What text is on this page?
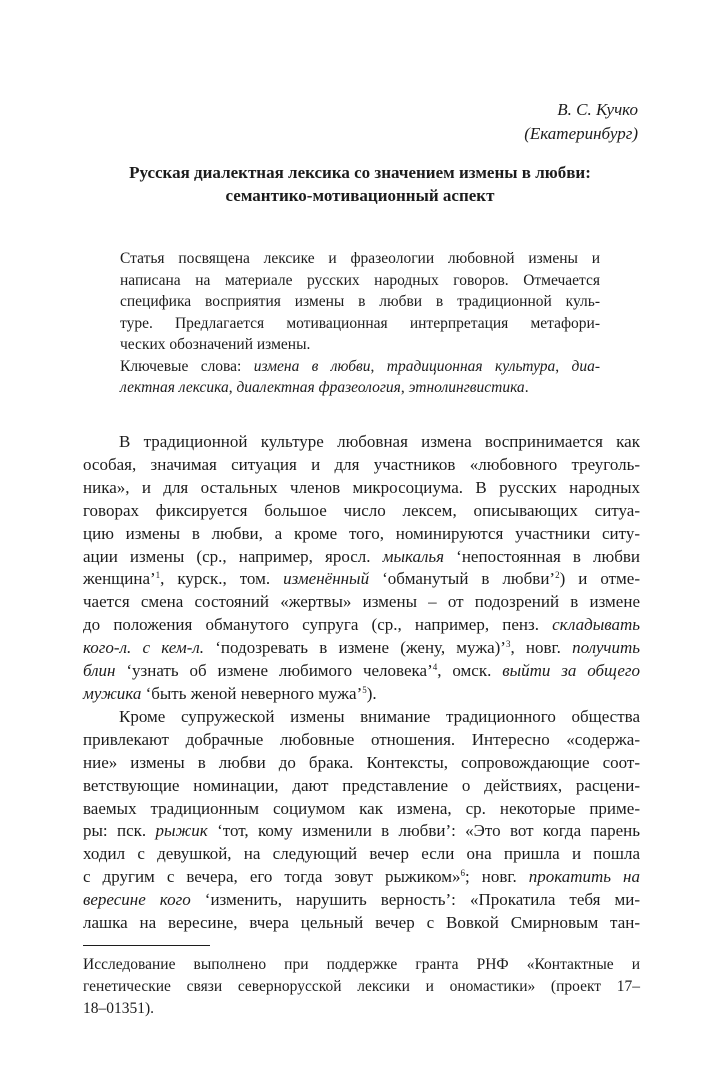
В. С. Кучко
(Екатеринбург)
Русская диалектная лексика со значением измены в любви:
семантико-мотивационный аспект
Статья посвящена лексике и фразеологии любовной измены и
написана на материале русских народных говоров. Отмечается
специфика восприятия измены в любви в традиционной куль-
туре. Предлагается мотивационная интерпретация метафори-
ческих обозначений измены.
Ключевые слова: измена в любви, традиционная культура, диа-
лектная лексика, диалектная фразеология, этнолингвистика.
В традиционной культуре любовная измена воспринимается как
особая, значимая ситуация и для участников «любовного треуголь-
ника», и для остальных членов микросоциума. В русских народных
говорах фиксируется большое число лексем, описывающих ситуа-
цию измены в любви, а кроме того, номинируются участники ситу-
ации измены (ср., например, яросл. мыкалья ‘непостоянная в любви
женщина’$^1$, курск., том. изменённый ‘обманутый в любви’$^2$) и отме-
чается смена состояний «жертвы» измены – от подозрений в измене
до положения обманутого супруга (ср., например, пенз. складывать
кого-л. с кем-л. ‘подозревать в измене (жену, мужа)’$^3$, новг. получить
блин ‘узнать об измене любимого человека’$^4$, омск. выйти за общего
мужика ‘быть женой неверного мужа’$^5$).
Кроме супружеской измены внимание традиционного общества
привлекают добрачные любовные отношения. Интересно «содержа-
ние» измены в любви до брака. Контексты, сопровождающие соот-
ветствующие номинации, дают представление о действиях, расцени-
ваемых традиционным социумом как измена, ср. некоторые приме-
ры: пск. рыжик ‘тот, кому изменили в любви’: «Это вот когда парень
ходил с девушкой, на следующий вечер если она пришла и пошла
с другим с вечера, его тогда зовут рыжиком»$^6$; новг. прокатить на
вересине кого ‘изменить, нарушить верность’: «Прокатила тебя ми-
лашка на вересине, вчера цельный вечер с Вовкой Смирновым тан-
Исследование выполнено при поддержке гранта РНФ «Контактные и
генетические связи севернорусской лексики и ономастики» (проект 17–
18–01351).
